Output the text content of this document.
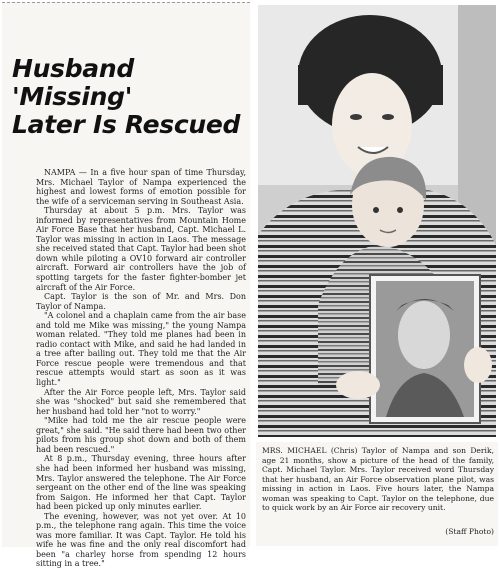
Husband 'Missing'
Later Is Rescued

NAMPA — In a five hour span of time Thursday, Mrs. Michael Taylor of Nampa experienced the highest and lowest forms of emotion possible for the wife of a serviceman serving in Southeast Asia.

Thursday at about 5 p.m. Mrs. Taylor was informed by representatives from Mountain Home Air Force Base that her husband, Capt. Michael L. Taylor was missing in action in Laos. The message she received stated that Capt. Taylor had been shot down while piloting a OV10 forward air controller aircraft. Forward air controllers have the job of spotting targets for the faster fighter-bomber jet aircraft of the Air Force.

Capt. Taylor is the son of Mr. and Mrs. Don Taylor of Nampa.

"A colonel and a chaplain came from the air base and told me Mike was missing," the young Nampa woman related. "They told me planes had been in radio contact with Mike, and said he had landed in a tree after bailing out. They told me that the Air Force rescue people were tremendous and that rescue attempts would start as soon as it was light."

After the Air Force people left, Mrs. Taylor said she was "shocked" but said she remembered that her husband had told her "not to worry."

"Mike had told me the air rescue people were great," she said. "He said there had been two other pilots from his group shot down and both of them had been rescued."

At 8 p.m., Thursday evening, three hours after she had been informed her husband was missing, Mrs. Taylor answered the telephone. The Air Force sergeant on the other end of the line was speaking from Saigon. He informed her that Capt. Taylor had been picked up only minutes earlier.

The evening, however, was not yet over. At 10 p.m., the telephone rang again. This time the voice was more familiar. It was Capt. Taylor. He told his wife he was fine and the only real discomfort had been "a charley horse from spending 12 hours sitting in a tree."

MRS. MICHAEL (Chris) Taylor of Nampa and son Derik, age 21 months, show a picture of the head of the family, Capt. Michael Taylor. Mrs. Taylor received word Thursday that her husband, an Air Force observation plane pilot, was missing in action in Laos. Five hours later, the Nampa woman was speaking to Capt. Taylor on the telephone, due to quick work by an Air Force air recovery unit.
(Staff Photo)
